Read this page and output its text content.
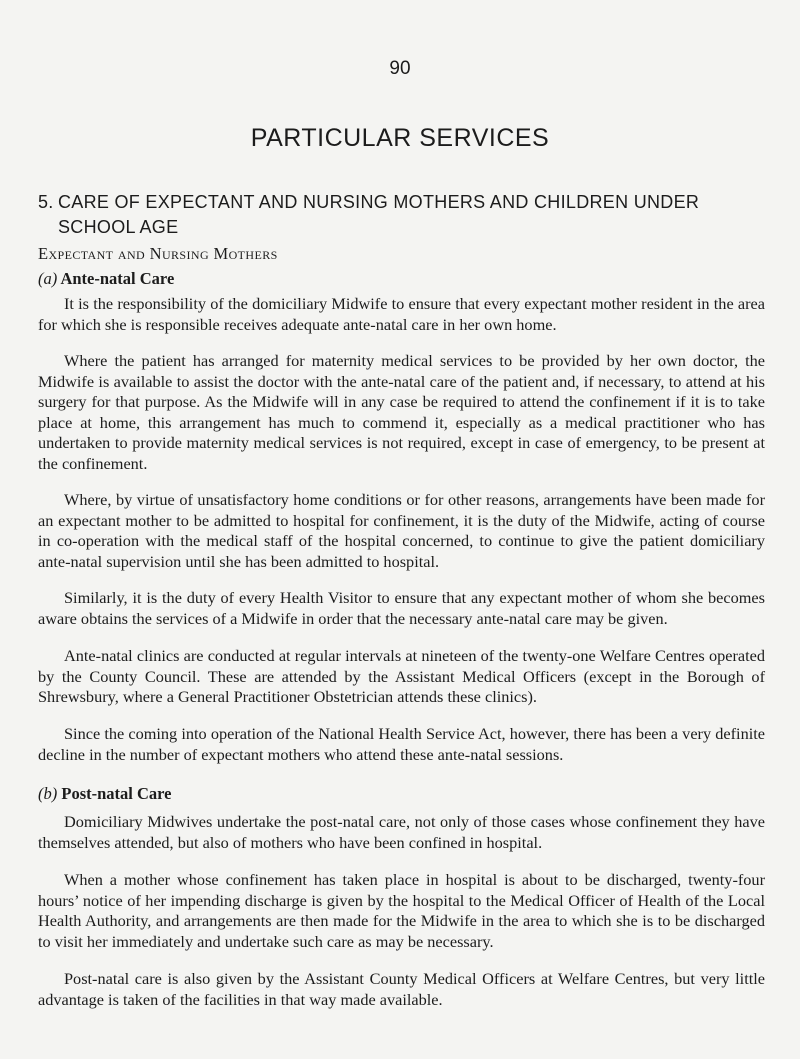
90
PARTICULAR SERVICES
5. CARE OF EXPECTANT AND NURSING MOTHERS AND CHILDREN UNDER
SCHOOL AGE
Expectant and Nursing Mothers

(a) Ante-natal Care

It is the responsibility of the domiciliary Midwife to ensure that every expectant mother resident in the area for which she is responsible receives adequate ante-natal care in her own home.

Where the patient has arranged for maternity medical services to be provided by her own doctor, the Midwife is available to assist the doctor with the ante-natal care of the patient and, if necessary, to attend at his surgery for that purpose. As the Midwife will in any case be required to attend the confinement if it is to take place at home, this arrangement has much to commend it, especially as a medical practitioner who has undertaken to provide maternity medical services is not required, except in case of emergency, to be present at the confinement.

Where, by virtue of unsatisfactory home conditions or for other reasons, arrangements have been made for an expectant mother to be admitted to hospital for confinement, it is the duty of the Midwife, acting of course in co-operation with the medical staff of the hospital concerned, to continue to give the patient domiciliary ante-natal supervision until she has been admitted to hospital.

Similarly, it is the duty of every Health Visitor to ensure that any expectant mother of whom she becomes aware obtains the services of a Midwife in order that the necessary ante-natal care may be given.

Ante-natal clinics are conducted at regular intervals at nineteen of the twenty-one Welfare Centres operated by the County Council. These are attended by the Assistant Medical Officers (except in the Borough of Shrewsbury, where a General Practitioner Obstetrician attends these clinics).

Since the coming into operation of the National Health Service Act, however, there has been a very definite decline in the number of expectant mothers who attend these ante-natal sessions.

(b) Post-natal Care

Domiciliary Midwives undertake the post-natal care, not only of those cases whose confinement they have themselves attended, but also of mothers who have been confined in hospital.

When a mother whose confinement has taken place in hospital is about to be discharged, twenty-four hours’ notice of her impending discharge is given by the hospital to the Medical Officer of Health of the Local Health Authority, and arrangements are then made for the Midwife in the area to which she is to be discharged to visit her immediately and undertake such care as may be necessary.

Post-natal care is also given by the Assistant County Medical Officers at Welfare Centres, but very little advantage is taken of the facilities in that way made available.
